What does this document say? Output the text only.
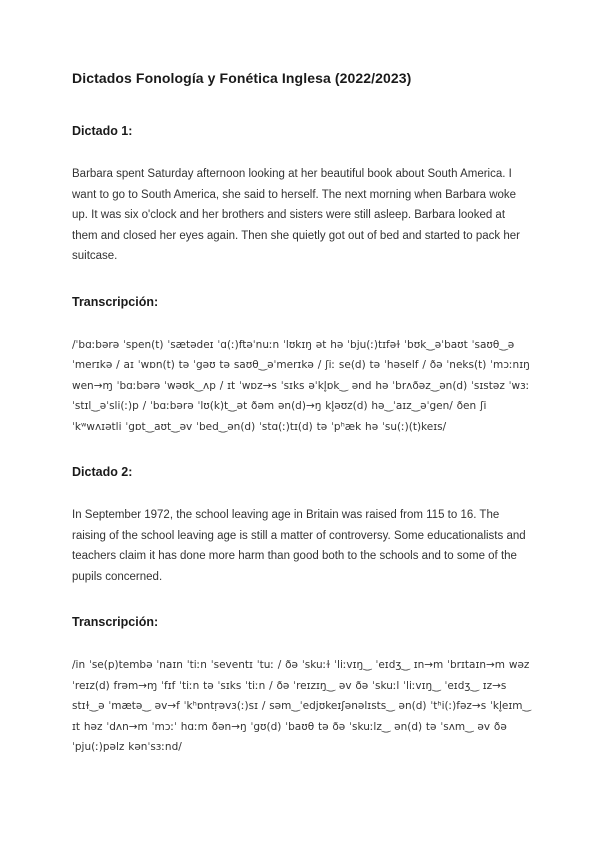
Dictados Fonología y Fonética Inglesa (2022/2023)
Dictado 1:
Barbara spent Saturday afternoon looking at her beautiful book about South America. I want to go to South America, she said to herself. The next morning when Barbara woke up. It was six o'clock and her brothers and sisters were still asleep. Barbara looked at them and closed her eyes again. Then she quietly got out of bed and started to pack her suitcase.
Transcripción:
/ˈbɑːbərə ˈspen(t) ˈsætədeɪ ˈɑ(ː)ftəˈnuːn ˈlʊkɪŋ ət hə ˈbju(ː)tɪfəɫ ˈbʊk‿əˈbaʊt ˈsaʊθ‿əˈmerɪkə / aɪ ˈwɒn(t) tə ˈgəʊ tə saʊθ‿əˈmerɪkə / ʃiː se(d) tə ˈhəself / ðə ˈneks(t) ˈmɔːnɪŋ wen→ɱ ˈbɑːbərə ˈwəʊk‿ʌp / ɪt ˈwɒz→s ˈsɪks əˈkl̥ɒk‿ ənd hə ˈbrʌðəz‿ən(d) ˈsɪstəz ˈwɜː ˈstɪl‿əˈsli(ː)p / ˈbɑːbərə ˈlʊ(k)t‿ət ðəm ən(d)→ŋ kl̥əʊz(d) hə‿ˈaɪz‿əˈgen/ ðen ʃi ˈkʷwʌɪətli ˈgɒt‿aʊt‿əv ˈbed‿ən(d) ˈstɑ(ː)tɪ(d) tə ˈpʰæk hə ˈsu(ː)(t)keɪs/
Dictado 2:
In September 1972, the school leaving age in Britain was raised from 115 to 16. The raising of the school leaving age is still a matter of controversy. Some educationalists and teachers claim it has done more harm than good both to the schools and to some of the pupils concerned.
Transcripción:
/in ˈse(p)tembə ˈnaɪn ˈtiːn ˈseventɪ ˈtuː / ðə ˈskuːɫ ˈliːvɪŋ‿ ˈeɪdʒ‿ ɪn→m ˈbrɪtaɪn→m wəz ˈreɪz(d) frəm→ɱ ˈfɪf ˈtiːn tə ˈsɪks ˈtiːn / ðə ˈreɪzɪŋ‿ əv ðə ˈskuːl ˈliːvɪŋ‿ ˈeɪdʒ‿ ɪz→s stɪɫ‿ə ˈmætə‿ əv→f ˈkʰɒntṛəvɜ(ː)sɪ / səm‿ˈedjʊkeɪʃənəlɪsts‿ ən(d) ˈtʰi(ː)fəz→s ˈkl̥eɪm‿ ɪt həz ˈdʌn→m ˈmɔːˈ hɑːm ðən→ŋ ˈgʊ(d) ˈbaʊθ tə ðə ˈskuːlz‿ ən(d) tə ˈsʌm‿ əv ðə ˈpju(ː)pəlz kənˈsɜːnd/
